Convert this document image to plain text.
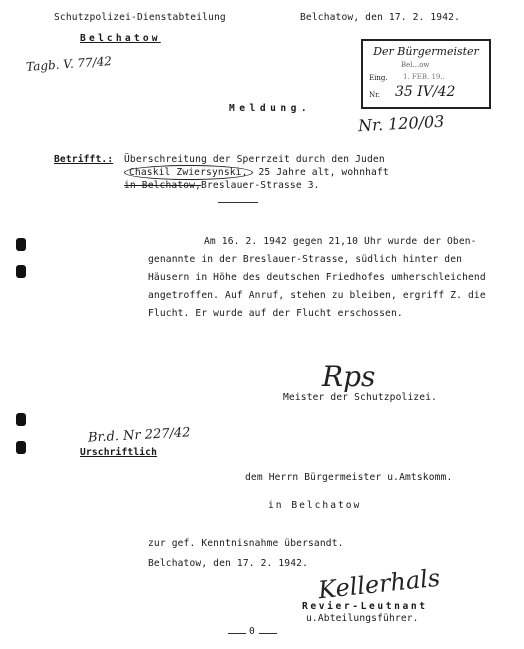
Schutzpolizei-Dienstabteilung
Belchatow
Belchatow, den 17. 2. 1942.
Tagb. V. 77/42
Der Bürgermeister
Bel...ow
Eing. 1. FEB. 19..
Nr. 35 IV/42
Nr. 120/03
Meldung.
Betrifft.: Überschreitung der Sperrzeit durch den Juden
Chaskil Zwiersynski, 25 Jahre alt, wohnhaft
in Belchatow,Breslauer-Strasse 3.
Am 16. 2. 1942 gegen 21,10 Uhr wurde der Oben-
genannte in der Breslauer-Strasse, südlich hinter den
Häusern in Höhe des deutschen Friedhofes umherschleichend
angetroffen. Auf Anruf, stehen zu bleiben, ergriff Z. die
Flucht. Er wurde auf der Flucht erschossen.
Rps
Meister der Schutzpolizei.
Br.d. Nr 227/42
Urschriftlich
dem Herrn Bürgermeister u.Amtskomm.
in Belchatow
zur gef. Kenntnisnahme übersandt.
Belchatow, den 17. 2. 1942.
Kellerhals
Revier-Leutnant
u.Abteilungsführer.
0
